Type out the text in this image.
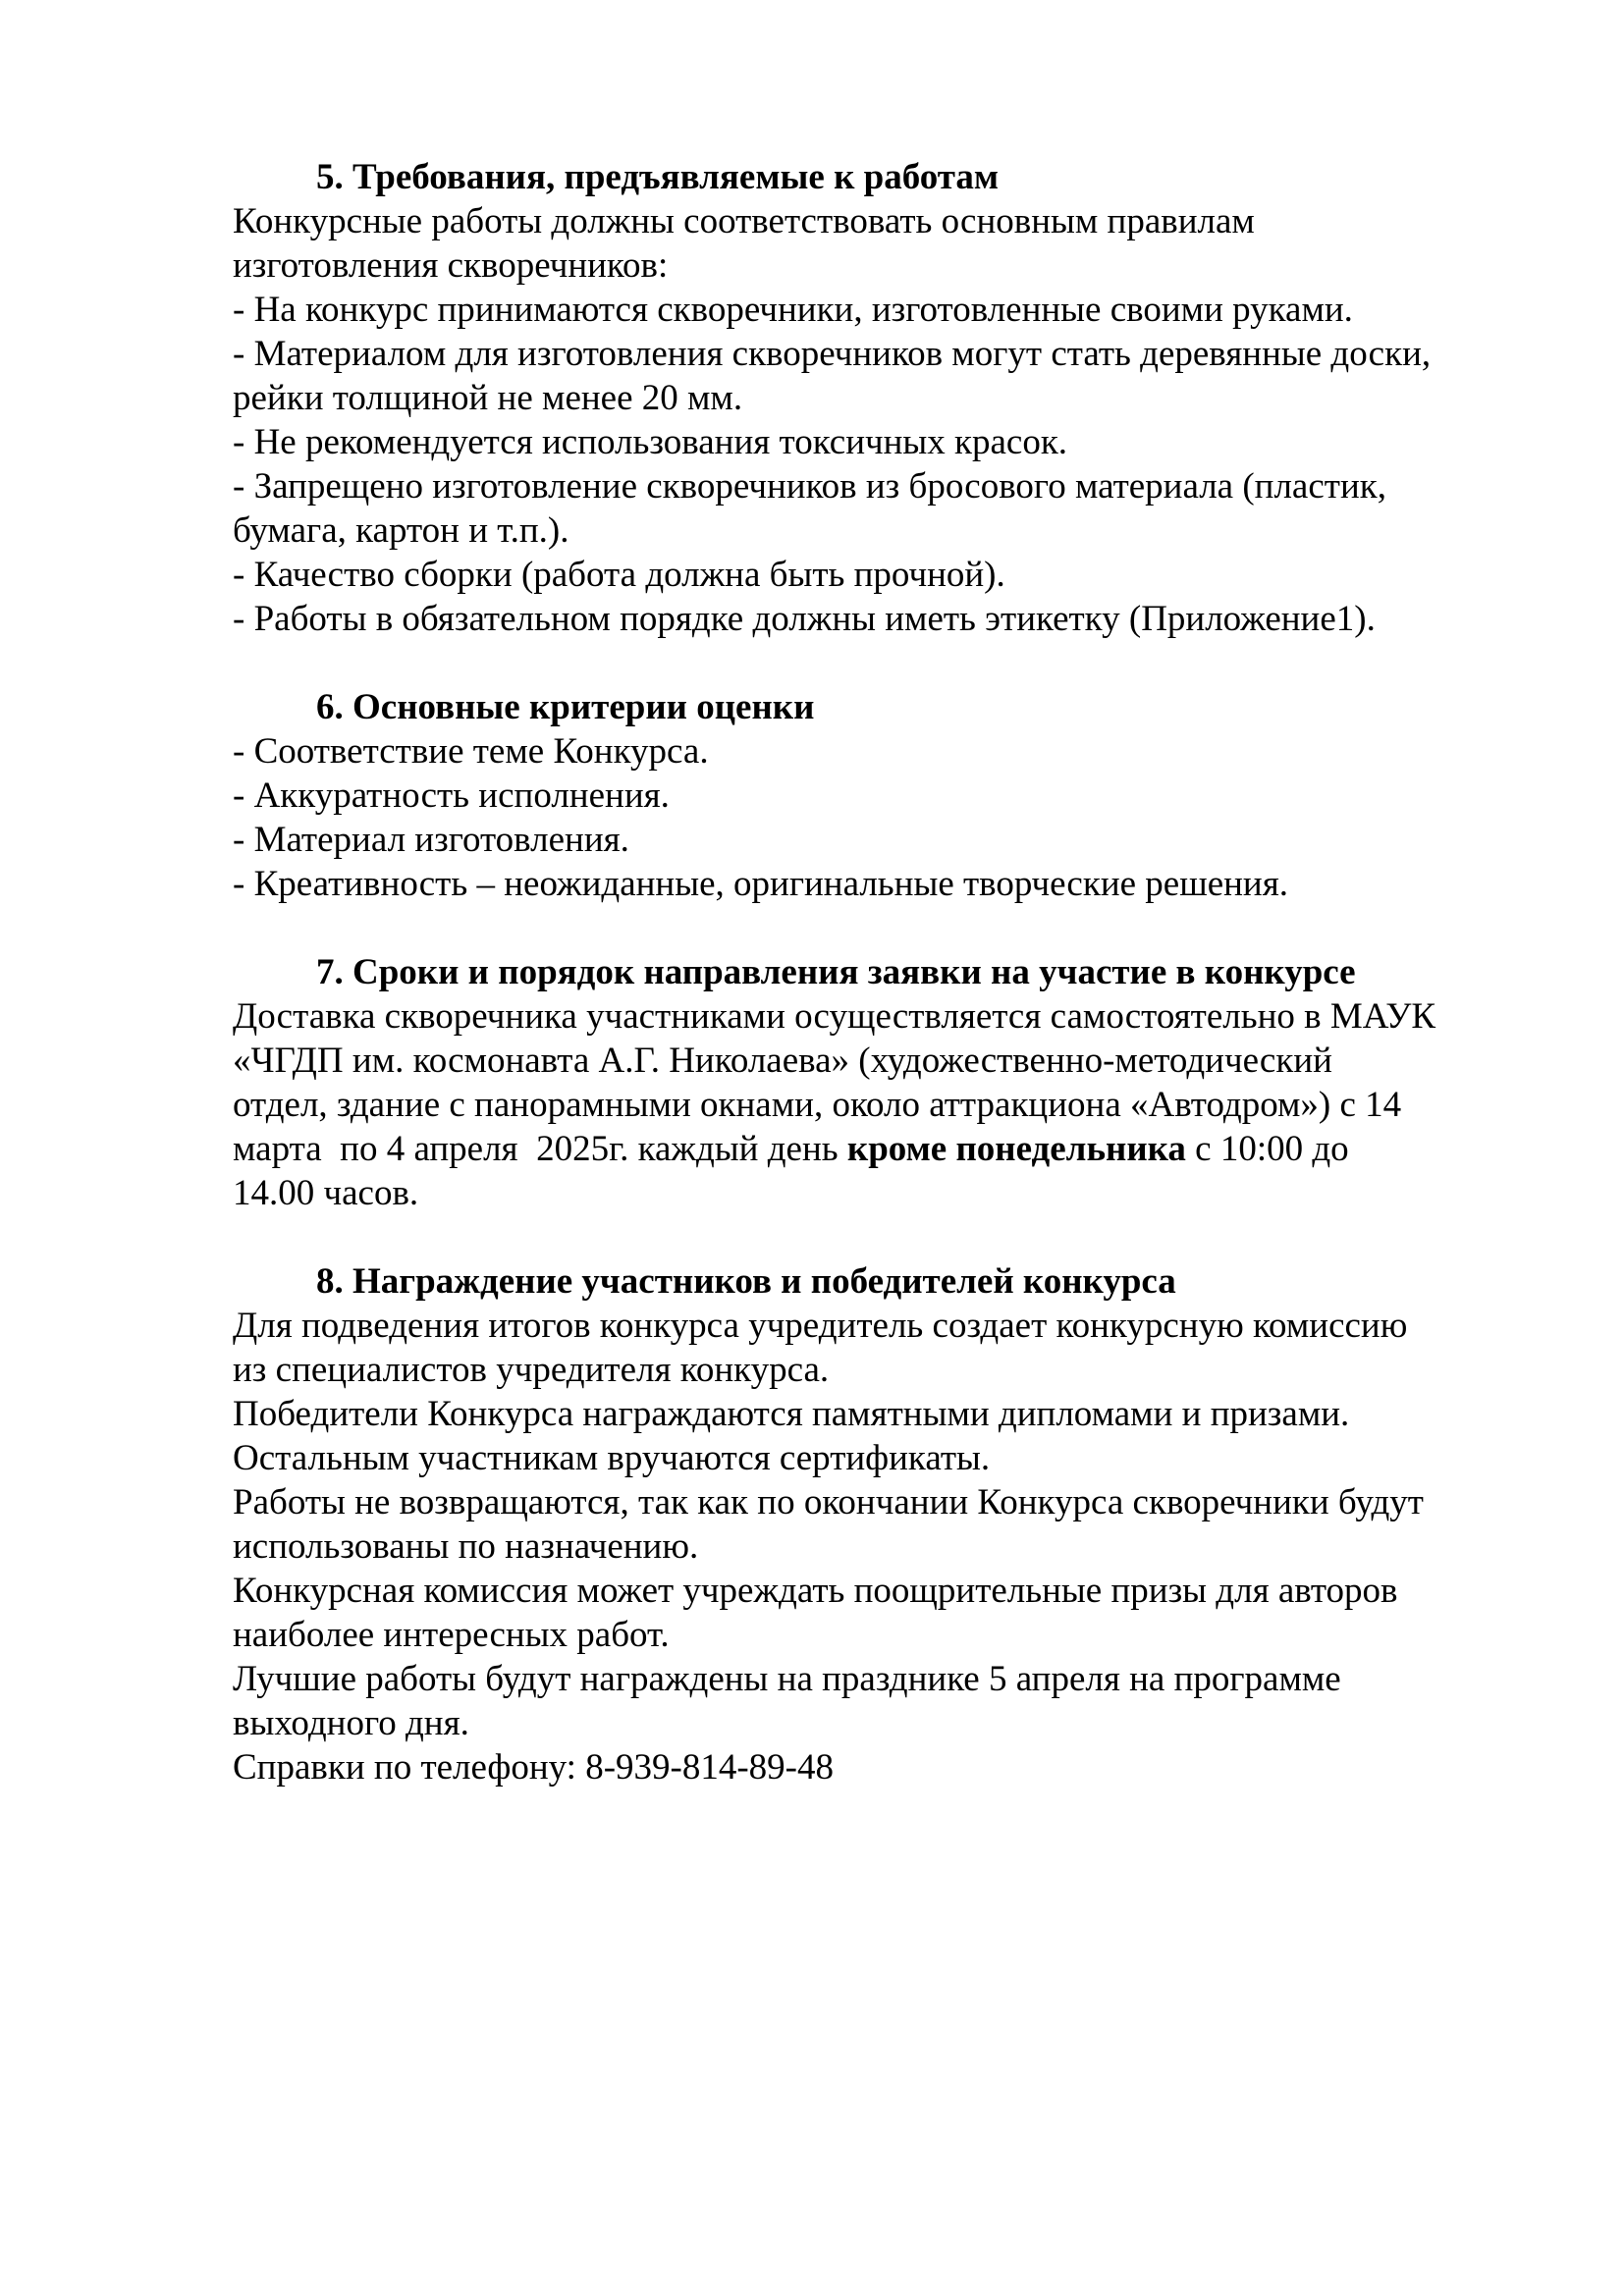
5. Требования, предъявляемые к работам
Конкурсные работы должны соответствовать основным правилам
изготовления скворечников:
- На конкурс принимаются скворечники, изготовленные своими руками.
- Материалом для изготовления скворечников могут стать деревянные доски,
рейки толщиной не менее 20 мм.
- Не рекомендуется использования токсичных красок.
- Запрещено изготовление скворечников из бросового материала (пластик,
бумага, картон и т.п.).
- Качество сборки (работа должна быть прочной).
- Работы в обязательном порядке должны иметь этикетку (Приложение1).
6. Основные критерии оценки
- Соответствие теме Конкурса.
- Аккуратность исполнения.
- Материал изготовления.
- Креативность – неожиданные, оригинальные творческие решения.
7. Сроки и порядок направления заявки на участие в конкурсе
Доставка скворечника участниками осуществляется самостоятельно в МАУК
«ЧГДП им. космонавта А.Г. Николаева» (художественно-методический
отдел, здание с панорамными окнами, около аттракциона «Автодром») с 14
марта  по 4 апреля  2025г. каждый день кроме понедельника с 10:00 до
14.00 часов.
8. Награждение участников и победителей конкурса
Для подведения итогов конкурса учредитель создает конкурсную комиссию
из специалистов учредителя конкурса.
Победители Конкурса награждаются памятными дипломами и призами.
Остальным участникам вручаются сертификаты.
Работы не возвращаются, так как по окончании Конкурса скворечники будут
использованы по назначению.
Конкурсная комиссия может учреждать поощрительные призы для авторов
наиболее интересных работ.
Лучшие работы будут награждены на празднике 5 апреля на программе
выходного дня.
Справки по телефону: 8-939-814-89-48
